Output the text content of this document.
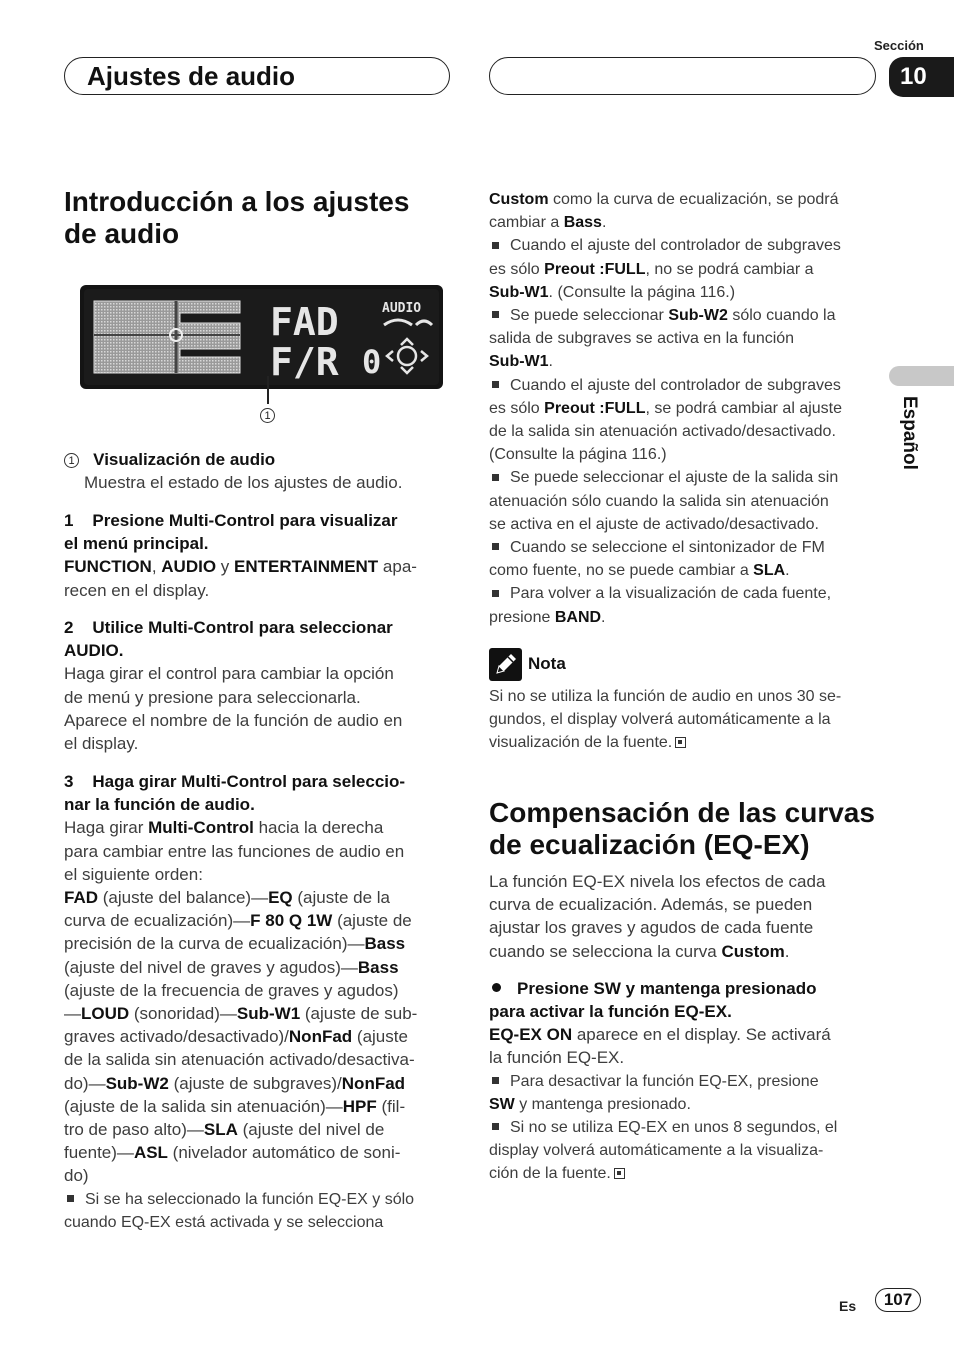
Ajustes de audio
Sección
10
Español
Introducción a los ajustes
de audio
FAD
F/R
AUDIO
0
1

1 Visualización de audio

Muestra el estado de los ajustes de audio.

1 Presione Multi-Control para visualizar

el menú principal.

FUNCTION, AUDIO y ENTERTAINMENT apa-

recen en el display.

2 Utilice Multi-Control para seleccionar

AUDIO.

Haga girar el control para cambiar la opción

de menú y presione para seleccionarla.

Aparece el nombre de la función de audio en

el display.

3 Haga girar Multi-Control para seleccio-

nar la función de audio.

Haga girar Multi-Control hacia la derecha

para cambiar entre las funciones de audio en

el siguiente orden:

FAD (ajuste del balance)—EQ (ajuste de la

curva de ecualización)—F 80 Q 1W (ajuste de

precisión de la curva de ecualización)—Bass

(ajuste del nivel de graves y agudos)—Bass

(ajuste de la frecuencia de graves y agudos)

—LOUD (sonoridad)—Sub-W1 (ajuste de sub-

graves activado/desactivado)/NonFad (ajuste

de la salida sin atenuación activado/desactiva-

do)—Sub-W2 (ajuste de subgraves)/NonFad

(ajuste de la salida sin atenuación)—HPF (fil-

tro de paso alto)—SLA (ajuste del nivel de

fuente)—ASL (nivelador automático de soni-

do)

Si se ha seleccionado la función EQ-EX y sólo

cuando EQ-EX está activada y se selecciona

Custom como la curva de ecualización, se podrá

cambiar a Bass.

Cuando el ajuste del controlador de subgraves

es sólo Preout :FULL, no se podrá cambiar a

Sub-W1. (Consulte la página 116.)

Se puede seleccionar Sub-W2 sólo cuando la

salida de subgraves se activa en la función

Sub-W1.

Cuando el ajuste del controlador de subgraves

es sólo Preout :FULL, se podrá cambiar al ajuste

de la salida sin atenuación activado/desactivado.

(Consulte la página 116.)

Se puede seleccionar el ajuste de la salida sin

atenuación sólo cuando la salida sin atenuación

se activa en el ajuste de activado/desactivado.

Cuando se seleccione el sintonizador de FM

como fuente, no se puede cambiar a SLA.

Para volver a la visualización de cada fuente,

presione BAND.

Nota

Si no se utiliza la función de audio en unos 30 se-

gundos, el display volverá automáticamente a la

visualización de la fuente.

Compensación de las curvas
de ecualización (EQ-EX)

La función EQ-EX nivela los efectos de cada

curva de ecualización. Además, se pueden

ajustar los graves y agudos de cada fuente

cuando se selecciona la curva Custom.

Presione SW y mantenga presionado

para activar la función EQ-EX.

EQ-EX ON aparece en el display. Se activará

la función EQ-EX.

Para desactivar la función EQ-EX, presione

SW y mantenga presionado.

Si no se utiliza EQ-EX en unos 8 segundos, el

display volverá automáticamente a la visualiza-

ción de la fuente.

Es	107
